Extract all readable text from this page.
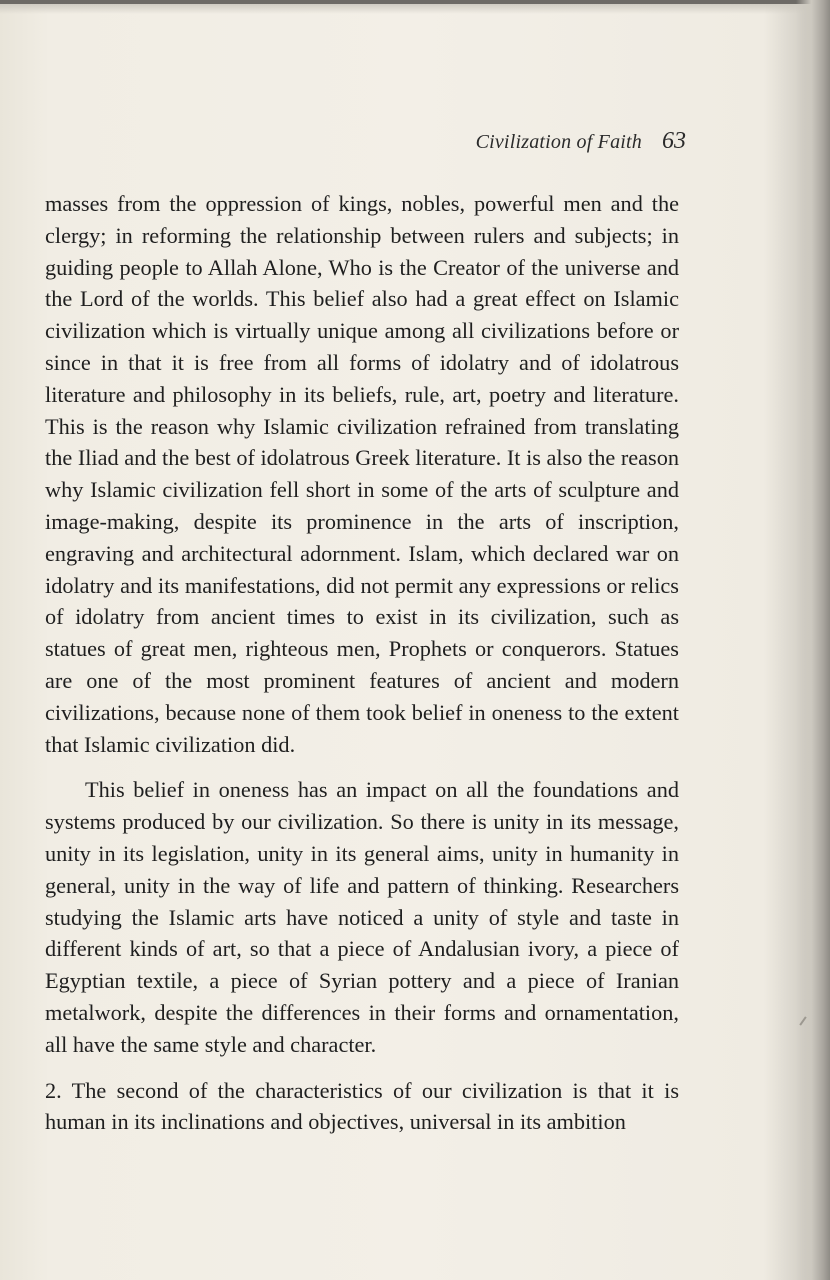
Civilization of Faith 63

masses from the oppression of kings, nobles, powerful men and the clergy; in reforming the relationship between rulers and subjects; in guiding people to Allah Alone, Who is the Creator of the universe and the Lord of the worlds. This belief also had a great effect on Islamic civilization which is virtually unique among all civilizations before or since in that it is free from all forms of idolatry and of idolatrous literature and philosophy in its beliefs, rule, art, poetry and literature. This is the reason why Islamic civilization refrained from translating the Iliad and the best of idolatrous Greek literature. It is also the reason why Islamic civilization fell short in some of the arts of sculpture and image-making, despite its prominence in the arts of inscription, engraving and architectural adornment. Islam, which declared war on idolatry and its manifestations, did not permit any expressions or relics of idolatry from ancient times to exist in its civilization, such as statues of great men, righteous men, Prophets or conquerors. Statues are one of the most prominent features of ancient and modern civilizations, because none of them took belief in oneness to the extent that Islamic civilization did.

This belief in oneness has an impact on all the foundations and systems produced by our civilization. So there is unity in its message, unity in its legislation, unity in its general aims, unity in humanity in general, unity in the way of life and pattern of thinking. Researchers studying the Islamic arts have noticed a unity of style and taste in different kinds of art, so that a piece of Andalusian ivory, a piece of Egyptian textile, a piece of Syrian pottery and a piece of Iranian metalwork, despite the differences in their forms and ornamentation, all have the same style and character.

2. The second of the characteristics of our civilization is that it is human in its inclinations and objectives, universal in its ambition
